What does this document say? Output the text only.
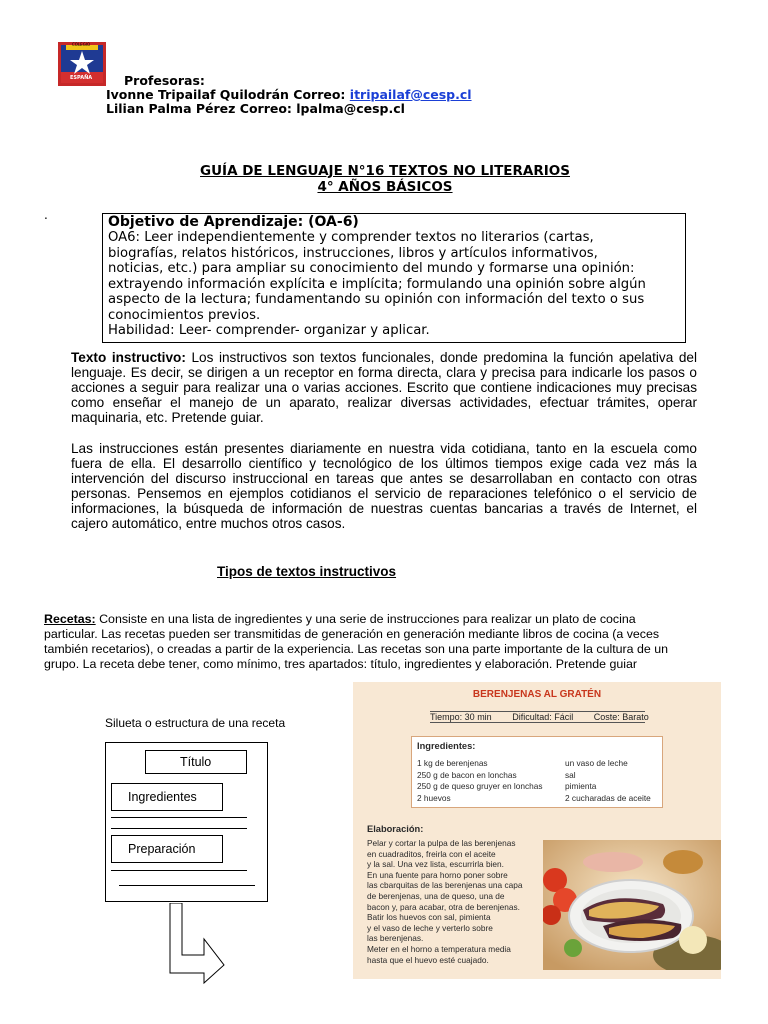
COLEGIO
ESPAÑA	Profesoras:
Ivonne Tripailaf Quilodrán Correo: itripailaf@cesp.cl
Lilian Palma Pérez Correo: lpalma@cesp.cl
GUÍA DE LENGUAJE N°16 TEXTOS NO LITERARIOS
4° AÑOS BÁSICOS
.	Objetivo de Aprendizaje: (OA-6)
OA6: Leer independientemente y comprender textos no literarios (cartas,
biografías, relatos históricos, instrucciones, libros y artículos informativos,
noticias, etc.) para ampliar su conocimiento del mundo y formarse una opinión:
extrayendo información explícita e implícita; formulando una opinión sobre algún
aspecto de la lectura; fundamentando su opinión con información del texto o sus
conocimientos previos.
Habilidad: Leer- comprender- organizar y aplicar.
Texto instructivo: Los instructivos son textos funcionales, donde predomina la función apelativa del lenguaje. Es decir, se dirigen a un receptor en forma directa, clara y precisa para indicarle los pasos o acciones a seguir para realizar una o varias acciones. Escrito que contiene indicaciones muy precisas como enseñar el manejo de un aparato, realizar diversas actividades, efectuar trámites, operar maquinaria, etc. Pretende guiar.
Las instrucciones están presentes diariamente en nuestra vida cotidiana, tanto en la escuela como fuera de ella. El desarrollo científico y tecnológico de los últimos tiempos exige cada vez más la intervención del discurso instruccional en tareas que antes se desarrollaban en contacto con otras personas. Pensemos en ejemplos cotidianos el servicio de reparaciones telefónico o el servicio de informaciones, la búsqueda de información de nuestras cuentas bancarias a través de Internet, el cajero automático, entre muchos otros casos.
Tipos de textos instructivos
Recetas: Consiste en una lista de ingredientes y una serie de instrucciones para realizar un plato de cocina
particular. Las recetas pueden ser transmitidas de generación en generación mediante libros de cocina (a veces
también recetarios), o creadas a partir de la experiencia. Las recetas son una parte importante de la cultura de un
grupo. La receta debe tener, como mínimo, tres apartados: título, ingredientes y elaboración. Pretende guiar
Silueta o estructura de una receta
Título
Ingredientes
Preparación
BERENJENAS AL GRATÉN
Tiempo: 30 min Dificultad: Fácil Coste: Barato
Ingredientes:
1 kg de berenjenas
250 g de bacon en lonchas
250 g de queso gruyer en lonchas
2 huevos
un vaso de leche
sal
pimienta
2 cucharadas de aceite
Elaboración:
Pelar y cortar la pulpa de las berenjenas
en cuadraditos, freirla con el aceite
y la sal. Una vez lista, escurrirla bien.
En una fuente para horno poner sobre
las cbarquitas de las berenjenas una capa
de berenjenas, una de queso, una de
bacon y, para acabar, otra de berenjenas.
Batir los huevos con sal, pimienta
y el vaso de leche y verterlo sobre
las berenjenas.
Meter en el horno a temperatura media
hasta que el huevo esté cuajado.
